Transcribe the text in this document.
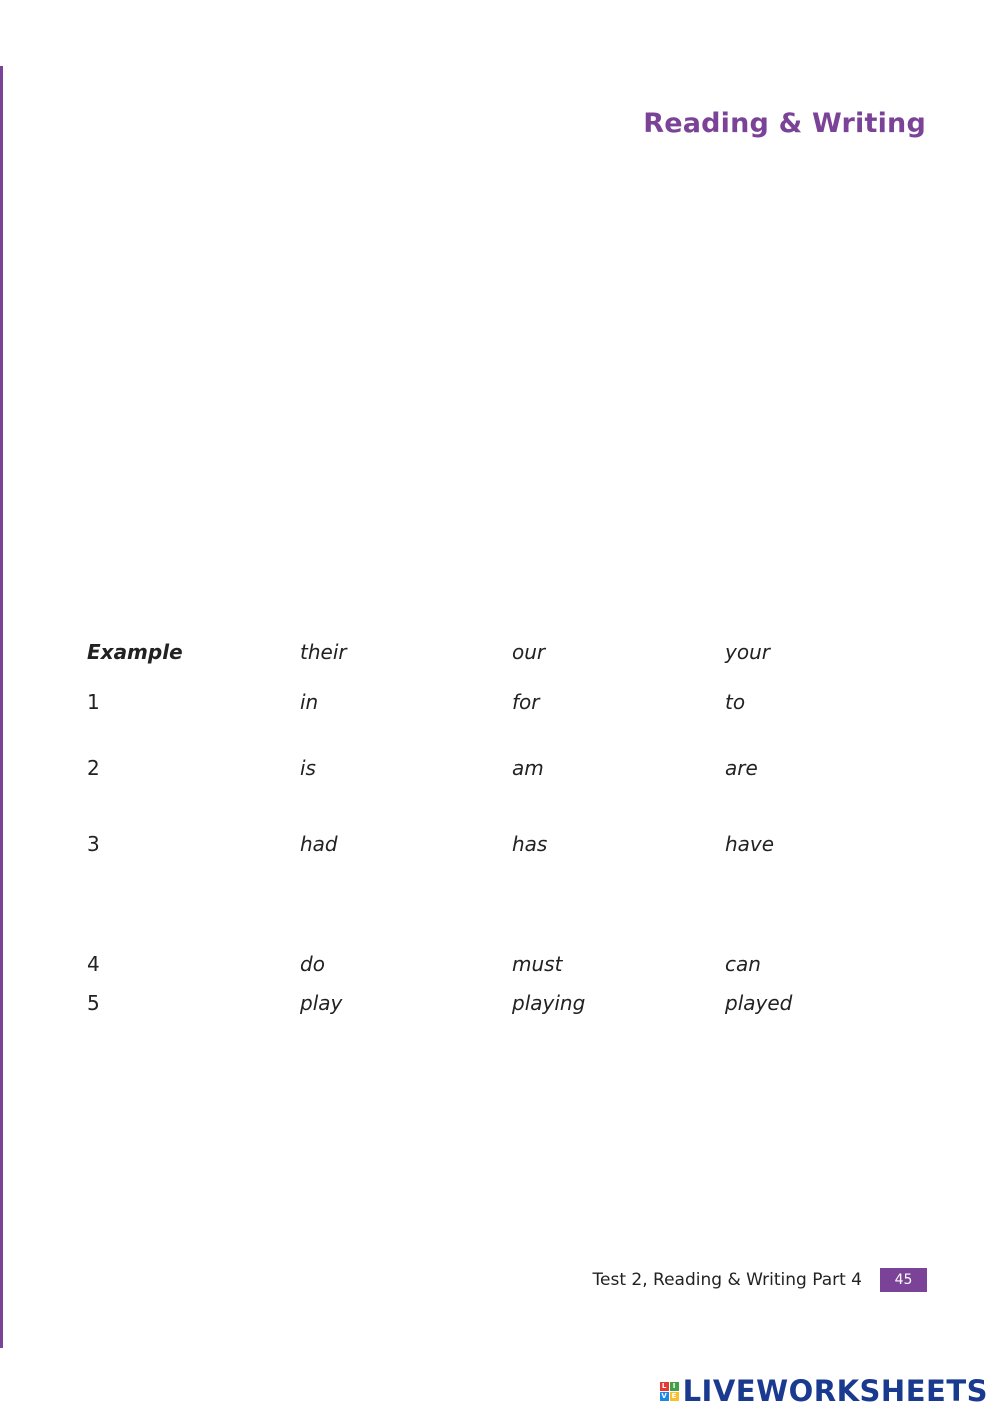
Reading & Writing
Example	their	our	your
1	in	for	to
2	is	am	are
3	had	has	have
4	do	must	can
5	play	playing	played
Test 2, Reading & Writing Part 4	45
L I
V E LIVEWORKSHEETS
